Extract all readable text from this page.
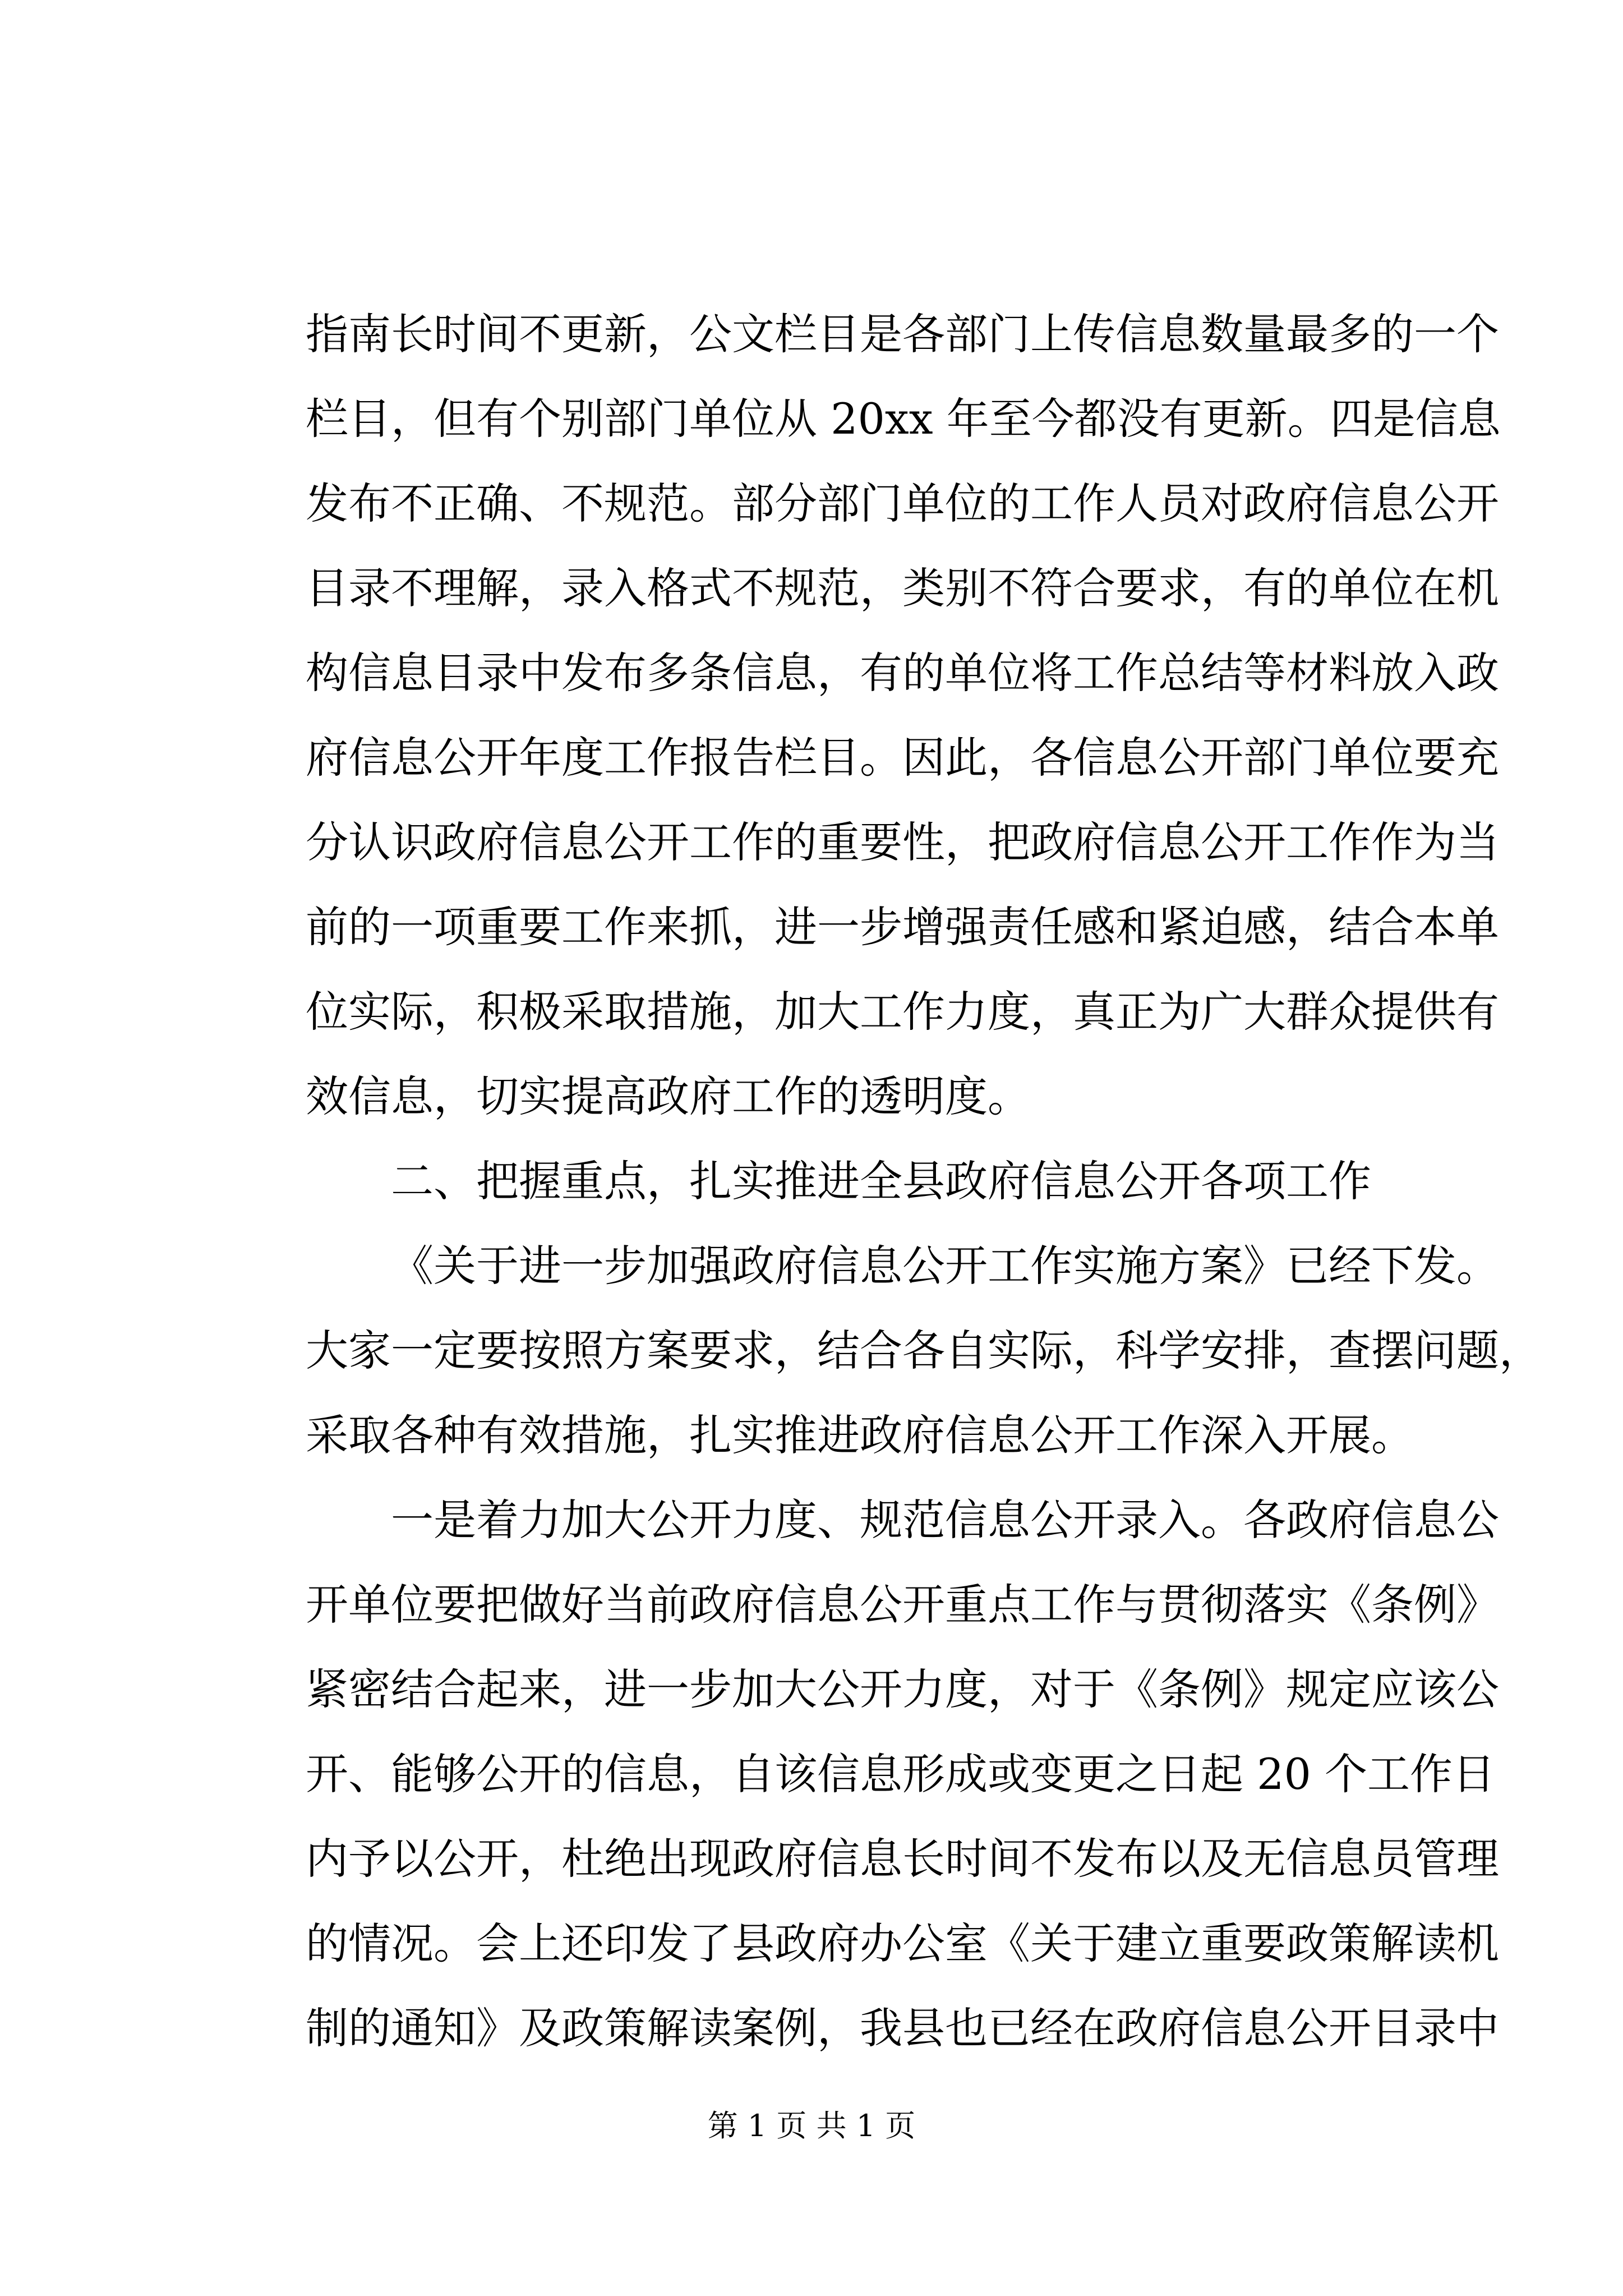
指南长时间不更新，公文栏目是各部门上传信息数量最多的一个
栏目，但有个别部门单位从 20xx 年至今都没有更新。四是信息
发布不正确、不规范。部分部门单位的工作人员对政府信息公开
目录不理解，录入格式不规范，类别不符合要求，有的单位在机
构信息目录中发布多条信息，有的单位将工作总结等材料放入政
府信息公开年度工作报告栏目。因此，各信息公开部门单位要充
分认识政府信息公开工作的重要性，把政府信息公开工作作为当
前的一项重要工作来抓，进一步增强责任感和紧迫感，结合本单
位实际，积极采取措施，加大工作力度，真正为广大群众提供有
效信息，切实提高政府工作的透明度。
二、把握重点，扎实推进全县政府信息公开各项工作
《关于进一步加强政府信息公开工作实施方案》已经下发。
大家一定要按照方案要求，结合各自实际，科学安排，查摆问题，
采取各种有效措施，扎实推进政府信息公开工作深入开展。
一是着力加大公开力度、规范信息公开录入。各政府信息公
开单位要把做好当前政府信息公开重点工作与贯彻落实《条例》
紧密结合起来，进一步加大公开力度，对于《条例》规定应该公
开、能够公开的信息，自该信息形成或变更之日起 20 个工作日
内予以公开，杜绝出现政府信息长时间不发布以及无信息员管理
的情况。会上还印发了县政府办公室《关于建立重要政策解读机
制的通知》及政策解读案例，我县也已经在政府信息公开目录中
第 1 页 共 1 页
